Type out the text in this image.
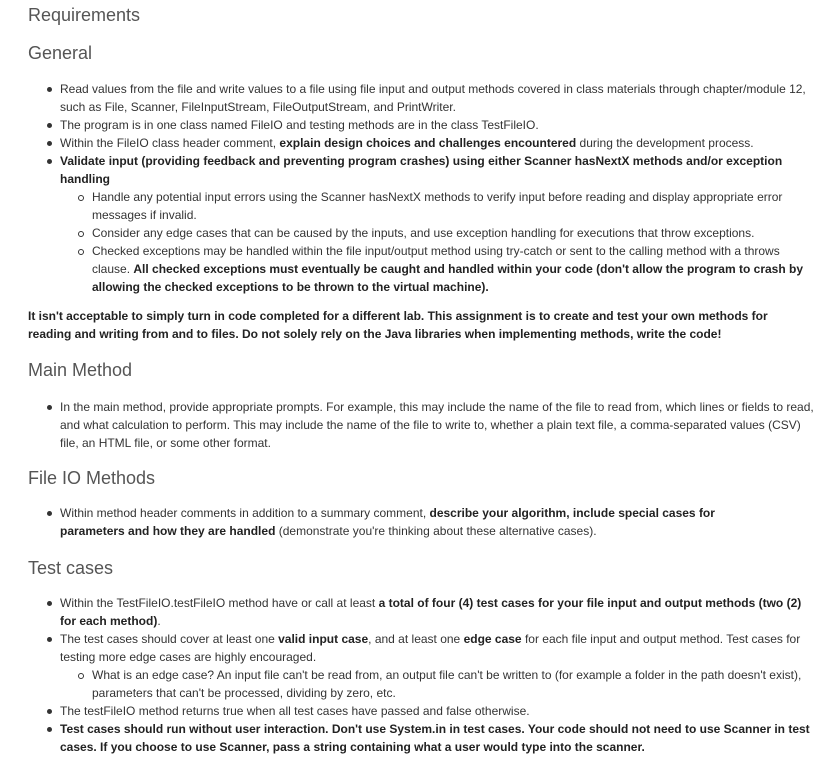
Requirements
General
Read values from the file and write values to a file using file input and output methods covered in class materials through chapter/module 12, such as File, Scanner, FileInputStream, FileOutputStream, and PrintWriter.
The program is in one class named FileIO and testing methods are in the class TestFileIO.
Within the FileIO class header comment, explain design choices and challenges encountered during the development process.
Validate input (providing feedback and preventing program crashes) using either Scanner hasNextX methods and/or exception handling
Handle any potential input errors using the Scanner hasNextX methods to verify input before reading and display appropriate error messages if invalid.
Consider any edge cases that can be caused by the inputs, and use exception handling for executions that throw exceptions.
Checked exceptions may be handled within the file input/output method using try-catch or sent to the calling method with a throws clause. All checked exceptions must eventually be caught and handled within your code (don't allow the program to crash by allowing the checked exceptions to be thrown to the virtual machine).

It isn't acceptable to simply turn in code completed for a different lab. This assignment is to create and test your own methods for reading and writing from and to files. Do not solely rely on the Java libraries when implementing methods, write the code!

Main Method
In the main method, provide appropriate prompts. For example, this may include the name of the file to read from, which lines or fields to read, and what calculation to perform. This may include the name of the file to write to, whether a plain text file, a comma-separated values (CSV) file, an HTML file, or some other format.
File IO Methods
Within method header comments in addition to a summary comment, describe your algorithm, include special cases for parameters and how they are handled (demonstrate you're thinking about these alternative cases).
Test cases
Within the TestFileIO.testFileIO method have or call at least a total of four (4) test cases for your file input and output methods (two (2) for each method).
The test cases should cover at least one valid input case, and at least one edge case for each file input and output method. Test cases for testing more edge cases are highly encouraged.
What is an edge case? An input file can't be read from, an output file can't be written to (for example a folder in the path doesn't exist), parameters that can't be processed, dividing by zero, etc.
The testFileIO method returns true when all test cases have passed and false otherwise.
Test cases should run without user interaction. Don't use System.in in test cases. Your code should not need to use Scanner in test cases. If you choose to use Scanner, pass a string containing what a user would type into the scanner.
